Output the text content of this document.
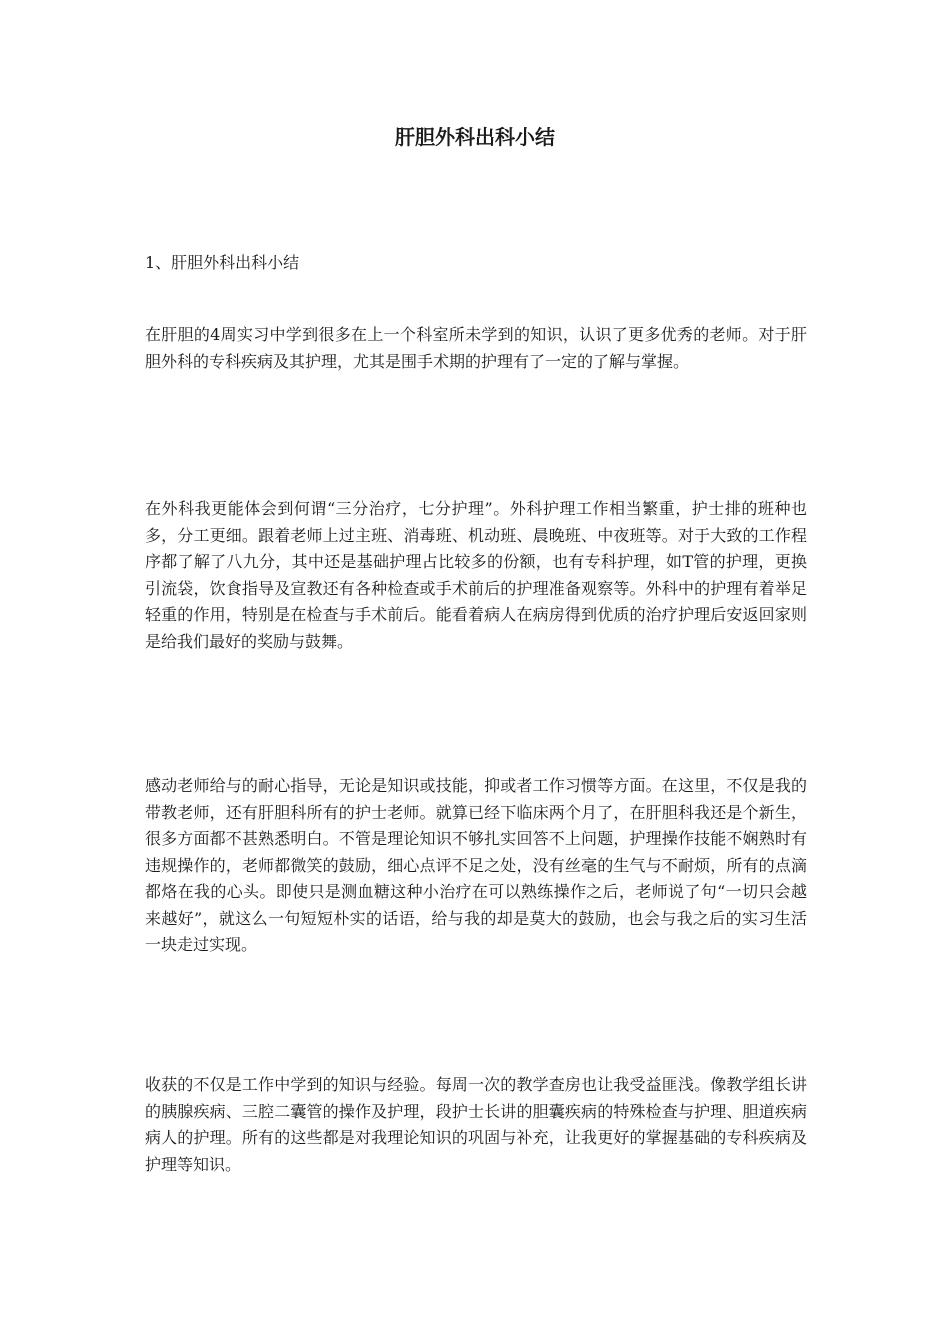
肝胆外科出科小结

1、肝胆外科出科小结

在肝胆的4周实习中学到很多在上一个科室所未学到的知识，认识了更多优秀的老师。对于肝胆外科的专科疾病及其护理，尤其是围手术期的护理有了一定的了解与掌握。

在外科我更能体会到何谓“三分治疗，七分护理”。外科护理工作相当繁重，护士排的班种也多，分工更细。跟着老师上过主班、消毒班、机动班、晨晚班、中夜班等。对于大致的工作程序都了解了八九分，其中还是基础护理占比较多的份额，也有专科护理，如T管的护理，更换引流袋，饮食指导及宣教还有各种检查或手术前后的护理准备观察等。外科中的护理有着举足轻重的作用，特别是在检查与手术前后。能看着病人在病房得到优质的治疗护理后安返回家则是给我们最好的奖励与鼓舞。

感动老师给与的耐心指导，无论是知识或技能，抑或者工作习惯等方面。在这里，不仅是我的带教老师，还有肝胆科所有的护士老师。就算已经下临床两个月了，在肝胆科我还是个新生，很多方面都不甚熟悉明白。不管是理论知识不够扎实回答不上问题，护理操作技能不娴熟时有违规操作的，老师都微笑的鼓励，细心点评不足之处，没有丝毫的生气与不耐烦，所有的点滴都烙在我的心头。即使只是测血糖这种小治疗在可以熟练操作之后，老师说了句“一切只会越来越好”，就这么一句短短朴实的话语，给与我的却是莫大的鼓励，也会与我之后的实习生活一块走过实现。

收获的不仅是工作中学到的知识与经验。每周一次的教学查房也让我受益匪浅。像教学组长讲的胰腺疾病、三腔二囊管的操作及护理，段护士长讲的胆囊疾病的特殊检查与护理、胆道疾病病人的护理。所有的这些都是对我理论知识的巩固与补充，让我更好的掌握基础的专科疾病及护理等知识。
